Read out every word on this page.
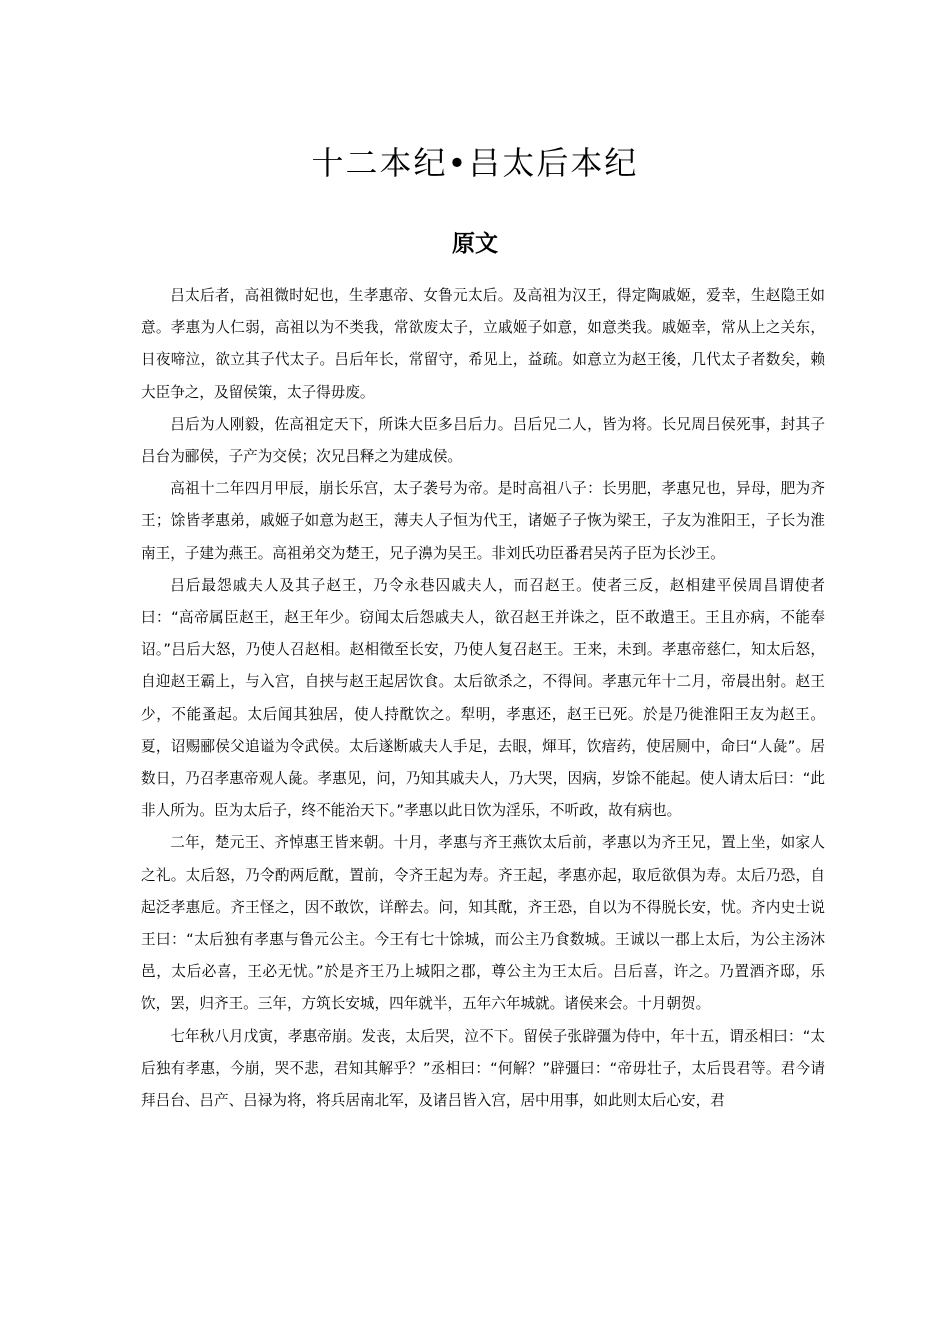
十二本纪•吕太后本纪
原文

吕太后者，高祖微时妃也，生孝惠帝、女鲁元太后。及高祖为汉王，得定陶戚姬，爱幸，生赵隐王如意。孝惠为人仁弱，高祖以为不类我，常欲废太子，立戚姬子如意，如意类我。戚姬幸，常从上之关东，日夜啼泣，欲立其子代太子。吕后年长，常留守，希见上，益疏。如意立为赵王後，几代太子者数矣，赖大臣争之，及留侯策，太子得毋废。

吕后为人刚毅，佐高祖定天下，所诛大臣多吕后力。吕后兄二人，皆为将。长兄周吕侯死事，封其子吕台为郦侯，子产为交侯；次兄吕释之为建成侯。

高祖十二年四月甲辰，崩长乐宫，太子袭号为帝。是时高祖八子：长男肥，孝惠兄也，异母，肥为齐王；馀皆孝惠弟，戚姬子如意为赵王，薄夫人子恒为代王，诸姬子子恢为梁王，子友为淮阳王，子长为淮南王，子建为燕王。高祖弟交为楚王，兄子濞为吴王。非刘氏功臣番君吴芮子臣为长沙王。

吕后最怨戚夫人及其子赵王，乃令永巷囚戚夫人，而召赵王。使者三反，赵相建平侯周昌谓使者曰：“高帝属臣赵王，赵王年少。窃闻太后怨戚夫人，欲召赵王并诛之，臣不敢遣王。王且亦病，不能奉诏。”吕后大怒，乃使人召赵相。赵相徵至长安，乃使人复召赵王。王来，未到。孝惠帝慈仁，知太后怒，自迎赵王霸上，与入宫，自挟与赵王起居饮食。太后欲杀之，不得间。孝惠元年十二月，帝晨出射。赵王少，不能蚤起。太后闻其独居，使人持酖饮之。犁明，孝惠还，赵王已死。於是乃徙淮阳王友为赵王。夏，诏赐郦侯父追谥为令武侯。太后遂断戚夫人手足，去眼，煇耳，饮瘖药，使居厕中，命曰“人彘”。居数日，乃召孝惠帝观人彘。孝惠见，问，乃知其戚夫人，乃大哭，因病，岁馀不能起。使人请太后曰：“此非人所为。臣为太后子，终不能治天下。”孝惠以此日饮为淫乐，不听政，故有病也。

二年，楚元王、齐悼惠王皆来朝。十月，孝惠与齐王燕饮太后前，孝惠以为齐王兄，置上坐，如家人之礼。太后怒，乃令酌两卮酖，置前，令齐王起为寿。齐王起，孝惠亦起，取卮欲俱为寿。太后乃恐，自起泛孝惠卮。齐王怪之，因不敢饮，详醉去。问，知其酖，齐王恐，自以为不得脱长安，忧。齐内史士说王曰：“太后独有孝惠与鲁元公主。今王有七十馀城，而公主乃食数城。王诚以一郡上太后，为公主汤沐邑，太后必喜，王必无忧。”於是齐王乃上城阳之郡，尊公主为王太后。吕后喜，许之。乃置酒齐邸，乐饮，罢，归齐王。三年，方筑长安城，四年就半，五年六年城就。诸侯来会。十月朝贺。

七年秋八月戊寅，孝惠帝崩。发丧，太后哭，泣不下。留侯子张辟彊为侍中，年十五，谓丞相曰：“太后独有孝惠，今崩，哭不悲，君知其解乎？”丞相曰：“何解？”辟彊曰：“帝毋壮子，太后畏君等。君今请拜吕台、吕产、吕禄为将，将兵居南北军，及诸吕皆入宫，居中用事，如此则太后心安，君
